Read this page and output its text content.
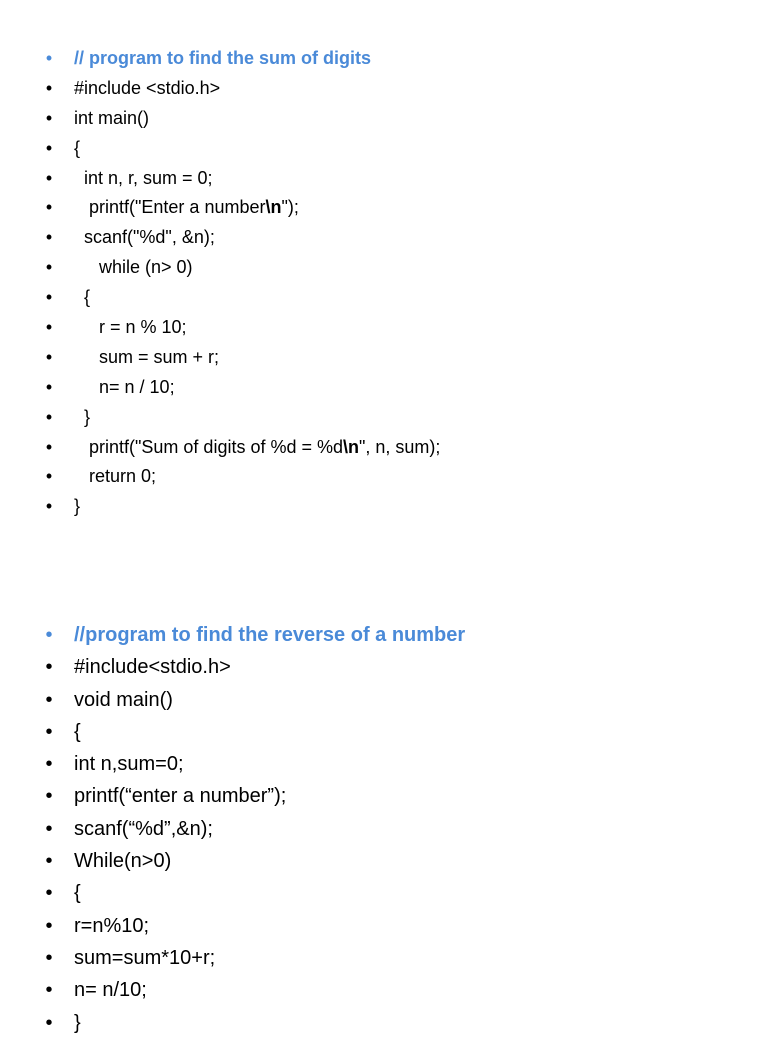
• // program to find the sum of digits
• #include <stdio.h>
• int main()
• {
• int n, r, sum = 0;
• printf("Enter a number\n");
• scanf("%d", &n);
• while (n> 0)
• {
• r = n % 10;
• sum = sum + r;
• n= n / 10;
• }
• printf("Sum of digits of %d = %d\n", n, sum);
• return 0;
• }
• //program to find the reverse of a number
• #include<stdio.h>
• void main()
• {
• int n,sum=0;
• printf(“enter a number”);
• scanf(“%d”,&n);
• While(n>0)
• {
• r=n%10;
• sum=sum*10+r;
• n= n/10;
• }
